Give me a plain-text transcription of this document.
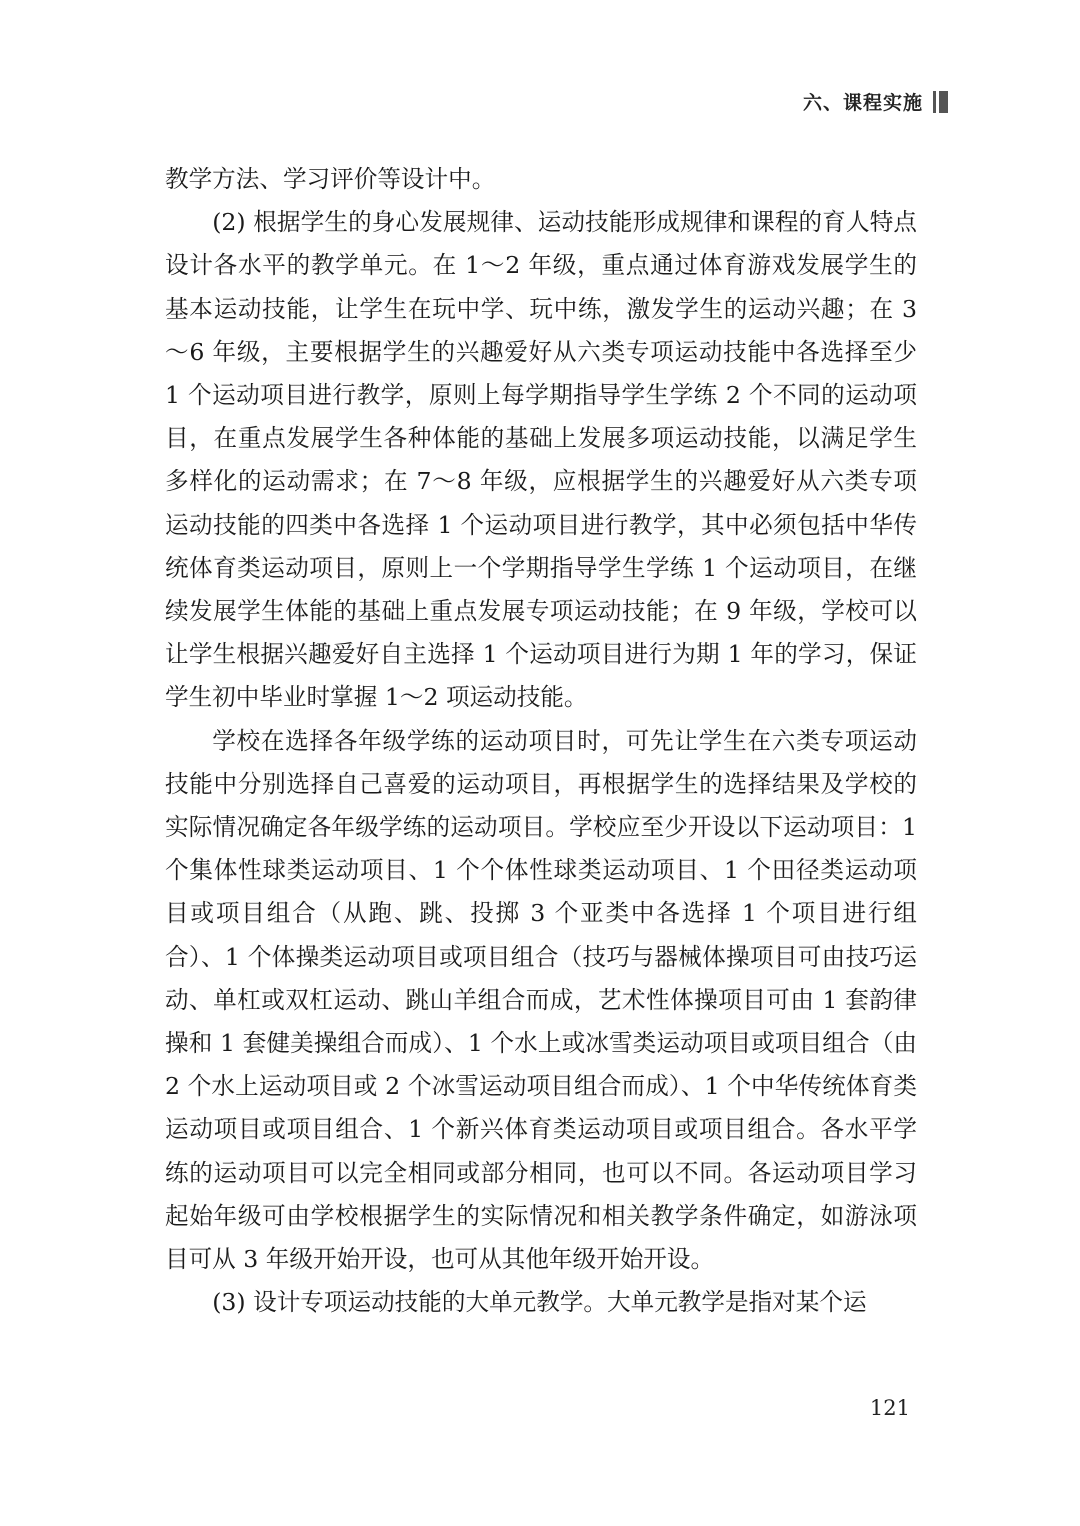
六、课程实施

教学方法、学习评价等设计中。

(2) 根据学生的身心发展规律、运动技能形成规律和课程的育人特点设计各水平的教学单元。在 1～2 年级，重点通过体育游戏发展学生的基本运动技能，让学生在玩中学、玩中练，激发学生的运动兴趣；在 3～6 年级，主要根据学生的兴趣爱好从六类专项运动技能中各选择至少 1 个运动项目进行教学，原则上每学期指导学生学练 2 个不同的运动项目，在重点发展学生各种体能的基础上发展多项运动技能，以满足学生多样化的运动需求；在 7～8 年级，应根据学生的兴趣爱好从六类专项运动技能的四类中各选择 1 个运动项目进行教学，其中必须包括中华传统体育类运动项目，原则上一个学期指导学生学练 1 个运动项目，在继续发展学生体能的基础上重点发展专项运动技能；在 9 年级，学校可以让学生根据兴趣爱好自主选择 1 个运动项目进行为期 1 年的学习，保证学生初中毕业时掌握 1～2 项运动技能。

学校在选择各年级学练的运动项目时，可先让学生在六类专项运动技能中分别选择自己喜爱的运动项目，再根据学生的选择结果及学校的实际情况确定各年级学练的运动项目。学校应至少开设以下运动项目：1 个集体性球类运动项目、1 个个体性球类运动项目、1 个田径类运动项目或项目组合（从跑、跳、投掷 3 个亚类中各选择 1 个项目进行组合）、1 个体操类运动项目或项目组合（技巧与器械体操项目可由技巧运动、单杠或双杠运动、跳山羊组合而成，艺术性体操项目可由 1 套韵律操和 1 套健美操组合而成）、1 个水上或冰雪类运动项目或项目组合（由 2 个水上运动项目或 2 个冰雪运动项目组合而成）、1 个中华传统体育类运动项目或项目组合、1 个新兴体育类运动项目或项目组合。各水平学练的运动项目可以完全相同或部分相同，也可以不同。各运动项目学习起始年级可由学校根据学生的实际情况和相关教学条件确定，如游泳项目可从 3 年级开始开设，也可从其他年级开始开设。

(3) 设计专项运动技能的大单元教学。大单元教学是指对某个运

121
